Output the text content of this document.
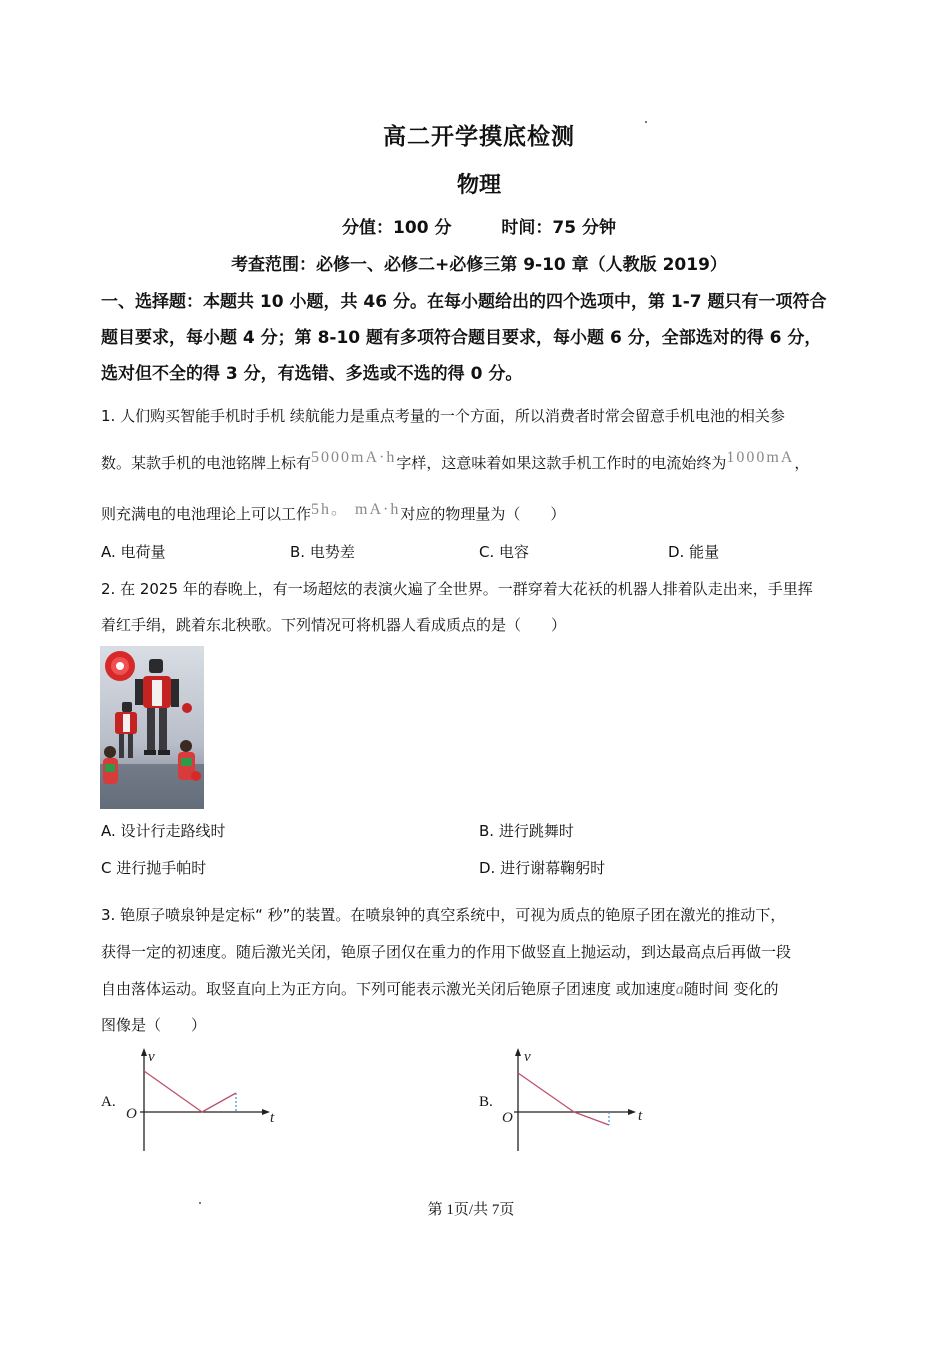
高二开学摸底检测
物理
分值：100 分	时间：75 分钟
考查范围：必修一、必修二+必修三第 9-10 章（人教版 2019）
一、选择题：本题共 10 小题，共 46 分。在每小题给出的四个选项中，第 1-7 题只有一项符合
题目要求，每小题 4 分；第 8-10 题有多项符合题目要求，每小题 6 分，全部选对的得 6 分，
选对但不全的得 3 分，有选错、多选或不选的得 0 分。
1. 人们购买智能手机时手机 续航能力是重点考量的一个方面，所以消费者时常会留意手机电池的相关参
数。某款手机的电池铭牌上标有5000mA·h字样，这意味着如果这款手机工作时的电流始终为1000mA，
则充满电的电池理论上可以工作5h。 mA·h对应的物理量为（　　）
A. 电荷量	B. 电势差	C. 电容	D. 能量
2. 在 2025 年的春晚上，有一场超炫的表演火遍了全世界。一群穿着大花袄的机器人排着队走出来，手里挥
着红手绢，跳着东北秧歌。下列情况可将机器人看成质点的是（　　）
A. 设计行走路线时	B. 进行跳舞时
C 进行抛手帕时	D. 进行谢幕鞠躬时
3. 铯原子喷泉钟是定标“ 秒”的装置。在喷泉钟的真空系统中，可视为质点的铯原子团在激光的推动下，
获得一定的初速度。随后激光关闭，铯原子团仅在重力的作用下做竖直上抛运动，到达最高点后再做一段
自由落体运动。取竖直向上为正方向。下列可能表示激光关闭后铯原子团速度 或加速度a随时间 变化的
图像是（　　）
A.
v
t
O
B.
v
t
O
第 1页/共 7页
